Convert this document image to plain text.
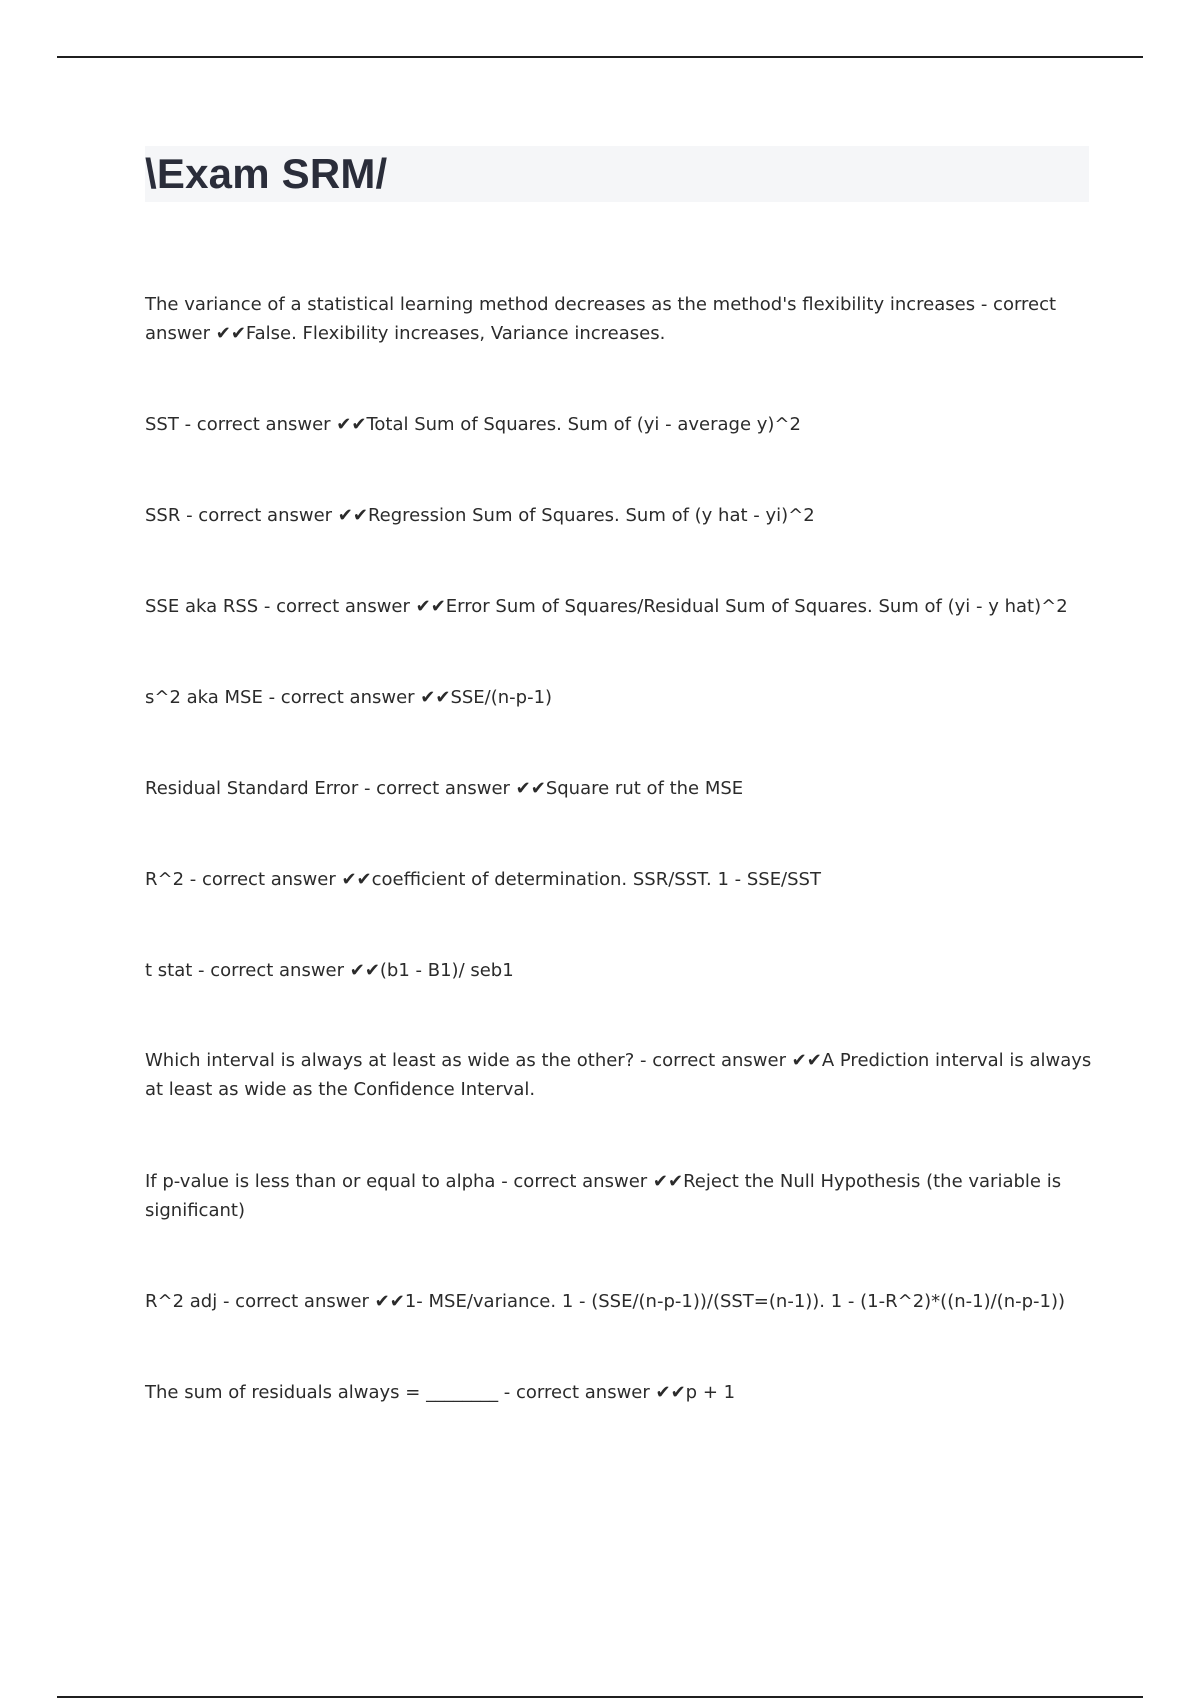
\Exam SRM/
The variance of a statistical learning method decreases as the method's flexibility increases - correct answer ✔✔False. Flexibility increases, Variance increases.
SST - correct answer ✔✔Total Sum of Squares. Sum of (yi - average y)^2
SSR - correct answer ✔✔Regression Sum of Squares. Sum of (y hat - yi)^2
SSE aka RSS - correct answer ✔✔Error Sum of Squares/Residual Sum of Squares. Sum of (yi - y hat)^2
s^2 aka MSE - correct answer ✔✔SSE/(n-p-1)
Residual Standard Error - correct answer ✔✔Square rut of the MSE
R^2 - correct answer ✔✔coefficient of determination. SSR/SST. 1 - SSE/SST
t stat - correct answer ✔✔(b1 - B1)/ seb1
Which interval is always at least as wide as the other? - correct answer ✔✔A Prediction interval is always at least as wide as the Confidence Interval.
If p-value is less than or equal to alpha - correct answer ✔✔Reject the Null Hypothesis (the variable is significant)
R^2 adj - correct answer ✔✔1- MSE/variance. 1 - (SSE/(n-p-1))/(SST=(n-1)). 1 - (1-R^2)*((n-1)/(n-p-1))
The sum of residuals always = ________ - correct answer ✔✔p + 1
